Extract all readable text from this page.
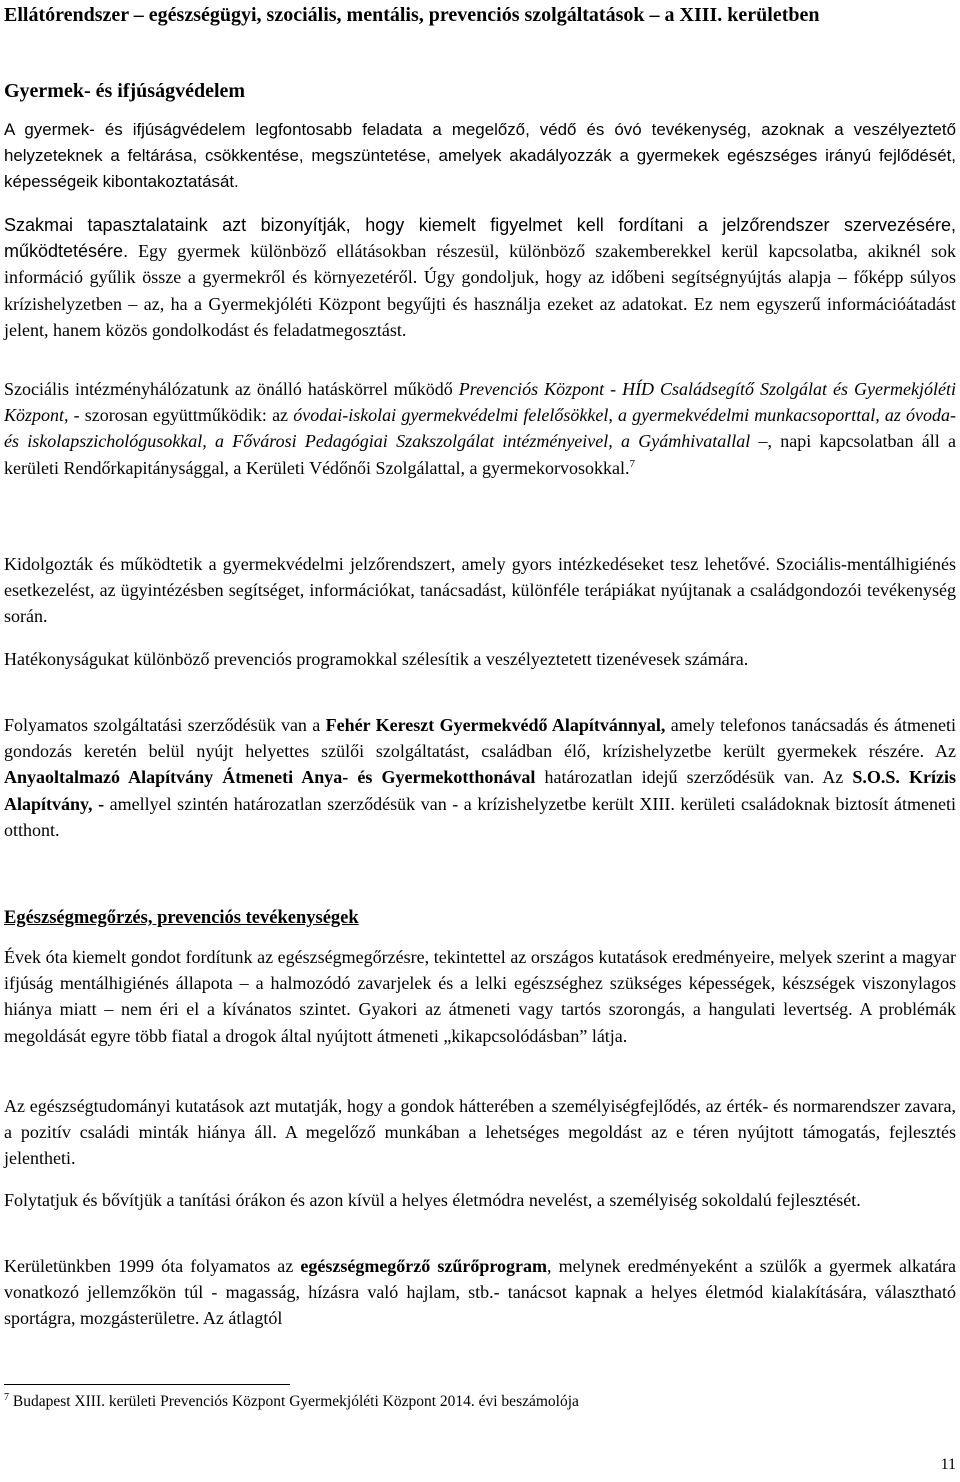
Ellátórendszer – egészségügyi, szociális, mentális, prevenciós szolgáltatások – a XIII. kerületben
Gyermek- és ifjúságvédelem
A gyermek- és ifjúságvédelem legfontosabb feladata a megelőző, védő és óvó tevékenység, azoknak a veszélyeztető helyzeteknek a feltárása, csökkentése, megszüntetése, amelyek akadályozzák a gyermekek egészséges irányú fejlődését, képességeik kibontakoztatását.
Szakmai tapasztalataink azt bizonyítják, hogy kiemelt figyelmet kell fordítani a jelzőrendszer szervezésére, működtetésére. Egy gyermek különböző ellátásokban részesül, különböző szakemberekkel kerül kapcsolatba, akiknél sok információ gyűlik össze a gyermekről és környezetéről. Úgy gondoljuk, hogy az időbeni segítségnyújtás alapja – főképp súlyos krízishelyzetben – az, ha a Gyermekjóléti Központ begyűjti és használja ezeket az adatokat. Ez nem egyszerű információátadást jelent, hanem közös gondolkodást és feladatmegosztást.
Szociális intézményhálózatunk az önálló hatáskörrel működő Prevenciós Központ - HÍD Családsegítő Szolgálat és Gyermekjóléti Központ, - szorosan együttműködik: az óvodai-iskolai gyermekvédelmi felelősökkel, a gyermekvédelmi munkacsoporttal, az óvoda- és iskolapszichológusokkal, a Fővárosi Pedagógiai Szakszolgálat intézményeivel, a Gyámhivatallal –, napi kapcsolatban áll a kerületi Rendőrkapitánysággal, a Kerületi Védőnői Szolgálattal, a gyermekorvosokkal.$^7$
Kidolgozták és működtetik a gyermekvédelmi jelzőrendszert, amely gyors intézkedéseket tesz lehetővé. Szociális-mentálhigiénés esetkezelést, az ügyintézésben segítséget, információkat, tanácsadást, különféle terápiákat nyújtanak a családgondozói tevékenység során.
Hatékonyságukat különböző prevenciós programokkal szélesítik a veszélyeztetett tizenévesek számára.
Folyamatos szolgáltatási szerződésük van a Fehér Kereszt Gyermekvédő Alapítvánnyal, amely telefonos tanácsadás és átmeneti gondozás keretén belül nyújt helyettes szülői szolgáltatást, családban élő, krízishelyzetbe került gyermekek részére. Az Anyaoltalmazó Alapítvány Átmeneti Anya- és Gyermekotthonával határozatlan idejű szerződésük van. Az S.O.S. Krízis Alapítvány, - amellyel szintén határozatlan szerződésük van - a krízishelyzetbe került XIII. kerületi családoknak biztosít átmeneti otthont.
Egészségmegőrzés, prevenciós tevékenységek
Évek óta kiemelt gondot fordítunk az egészségmegőrzésre, tekintettel az országos kutatások eredményeire, melyek szerint a magyar ifjúság mentálhigiénés állapota – a halmozódó zavarjelek és a lelki egészséghez szükséges képességek, készségek viszonylagos hiánya miatt – nem éri el a kívánatos szintet. Gyakori az átmeneti vagy tartós szorongás, a hangulati levertség. A problémák megoldását egyre több fiatal a drogok által nyújtott átmeneti „kikapcsolódásban” látja.
Az egészségtudományi kutatások azt mutatják, hogy a gondok hátterében a személyiségfejlődés, az érték- és normarendszer zavara, a pozitív családi minták hiánya áll. A megelőző munkában a lehetséges megoldást az e téren nyújtott támogatás, fejlesztés jelentheti.
Folytatjuk és bővítjük a tanítási órákon és azon kívül a helyes életmódra nevelést, a személyiség sokoldalú fejlesztését.
Kerületünkben 1999 óta folyamatos az egészségmegőrző szűrőprogram, melynek eredményeként a szülők a gyermek alkatára vonatkozó jellemzőkön túl - magasság, hízásra való hajlam, stb.- tanácsot kapnak a helyes életmód kialakítására, választható sportágra, mozgásterületre. Az átlagtól
$^7$ Budapest XIII. kerületi Prevenciós Központ Gyermekjóléti Központ 2014. évi beszámolója
11
